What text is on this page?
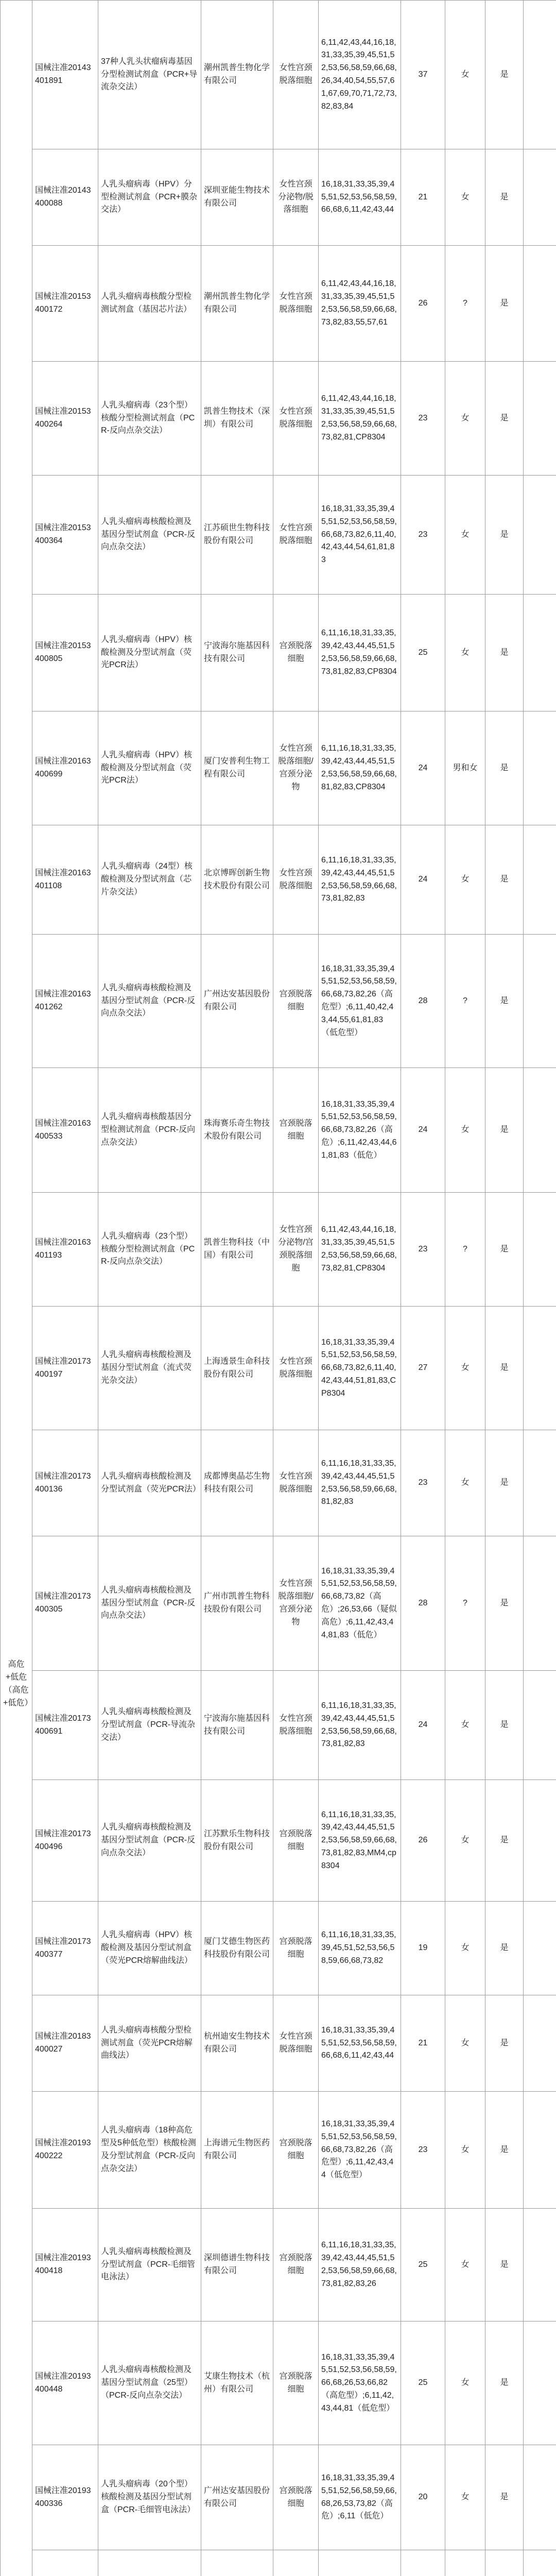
高危+低危（高危+低危）	国械注准20143401891	37种人乳头状瘤病毒基因分型检测试剂盒（PCR+导流杂交法）	潮州凯普生物化学有限公司	女性宫颈脱落细胞	6,11,42,43,44,16,18,31,33,35,39,45,51,52,53,56,58,59,66,68,26,34,40,54,55,57,61,67,69,70,71,72,73,82,83,84	37	女	是	
	国械注准20143400088	人乳头瘤病毒（HPV）分型检测试剂盒（PCR+膜杂交法）	深圳亚能生物技术有限公司	女性宫颈分泌物/脱落细胞	16,18,31,33,35,39,45,51,52,53,56,58,59,66,68,6,11,42,43,44	21	女	是	
	国械注准20153400172	人乳头瘤病毒核酸分型检测试剂盒（基因芯片法）	潮州凯普生物化学有限公司	女性宫颈脱落细胞	6,11,42,43,44,16,18,31,33,35,39,45,51,52,53,56,58,59,66,68,73,82,83,55,57,61	26	?	是	
	国械注准20153400264	人乳头瘤病毒（23个型）核酸分型检测试剂盒（PCR-反向点杂交法）	凯普生物技术（深圳）有限公司	女性宫颈脱落细胞	6,11,42,43,44,16,18,31,33,35,39,45,51,52,53,56,58,59,66,68,73,82,81,CP8304	23	女	是	
	国械注准20153400364	人乳头瘤病毒核酸检测及基因分型试剂盒（PCR-反向点杂交法）	江苏硕世生物科技股份有限公司	女性宫颈脱落细胞	16,18,31,33,35,39,45,51,52,53,56,58,59,66,68,73,82,6,11,40,42,43,44,54,61,81,83	23	女	是	
	国械注准20153400805	人乳头瘤病毒（HPV）核酸检测及分型试剂盒（荧光PCR法）	宁波海尔施基因科技有限公司	宫颈脱落细胞	6,11,16,18,31,33,35,39,42,43,44,45,51,52,53,56,58,59,66,68,73,81,82,83,CP8304	25	女	是	
	国械注准20163400699	人乳头瘤病毒（HPV）核酸检测及分型试剂盒（荧光PCR法）	厦门安普利生物工程有限公司	女性宫颈脱落细胞/宫颈分泌物	6,11,16,18,31,33,35,39,42,43,44,45,51,52,53,56,58,59,66,68,81,82,83,CP8304	24	男和女	是	
	国械注准20163401108	人乳头瘤病毒（24型）核酸检测及分型试剂盒（芯片杂交法）	北京博晖创新生物技术股份有限公司	女性宫颈脱落细胞	6,11,16,18,31,33,35,39,42,43,44,45,51,52,53,56,58,59,66,68,73,81,82,83	24	女	是	
	国械注准20163401262	人乳头瘤病毒核酸检测及基因分型试剂盒（PCR-反向点杂交法）	广州达安基因股份有限公司	宫颈脱落细胞	16,18,31,33,35,39,45,51,52,53,56,58,59,66,68,73,82,26（高危型）;6,11,40,42,43,44,55,61,81,83（低危型）	28	?	是	
	国械注准20163400533	人乳头瘤病毒核酸基因分型检测试剂盒（PCR-反向点杂交法）	珠海赛乐奇生物技术股份有限公司	宫颈脱落细胞	16,18,31,33,35,39,45,51,52,53,56,58,59,66,68,73,82,26（高危）;6,11,42,43,44,61,81,83（低危）	24	女	是	
	国械注准20163401193	人乳头瘤病毒（23个型）核酸分型检测试剂盒（PCR-反向点杂交法）	凯普生物科技（中国）有限公司	女性宫颈分泌物/宫颈脱落细胞	6,11,42,43,44,16,18,31,33,35,39,45,51,52,53,56,58,59,66,68,73,82,81,CP8304	23	?	是	
	国械注准20173400197	人乳头瘤病毒核酸检测及基因分型试剂盒（流式荧光杂交法）	上海透景生命科技股份有限公司	女性宫颈脱落细胞	16,18,31,33,35,39,45,51,52,53,56,58,59,66,68,73,82,6,11,40,42,43,44,51,81,83,CP8304	27	女	是	
	国械注准20173400136	人乳头瘤病毒核酸检测及分型试剂盒（荧光PCR法）	成都博奥晶芯生物科技有限公司	女性宫颈脱落细胞	6,11,16,18,31,33,35,39,42,43,44,45,51,52,53,56,58,59,66,68,81,82,83	23	女	是	
	国械注准20173400305	人乳头瘤病毒核酸检测及基因分型试剂盒（PCR-反向点杂交法）	广州市凯普生物科技股份有限公司	女性宫颈脱落细胞/宫颈分泌物	16,18,31,33,35,39,45,51,52,53,56,58,59,66,68,73,82（高危）;26,53,66（疑似高危）;6,11,42,43,44,81,83（低危）	28	?	是	
	国械注准20173400691	人乳头瘤病毒核酸检测及分型试剂盒（PCR-导流杂交法）	宁波海尔施基因科技有限公司	女性宫颈脱落细胞	6,11,16,18,31,33,35,39,42,43,44,45,51,52,53,56,58,59,66,68,73,81,82,83	24	女	是	
	国械注准20173400496	人乳头瘤病毒核酸检测及基因分型试剂盒（PCR-反向点杂交法）	江苏默乐生物科技股份有限公司	宫颈脱落细胞	6,11,16,18,31,33,35,39,42,43,44,45,51,52,53,56,58,59,66,68,73,81,82,83,MM4,cp8304	26	女	是	
	国械注准20173400377	人乳头瘤病毒（HPV）核酸检测及基因分型试剂盒（荧光PCR熔解曲线法）	厦门艾德生物医药科技股份有限公司	宫颈脱落细胞	6,11,16,18,31,33,35,39,45,51,52,53,56,58,59,66,68,73,82	19	女	是	
	国械注准20183400027	人乳头瘤病毒核酸分型检测试剂盒（荧光PCR熔解曲线法）	杭州迪安生物技术有限公司	女性宫颈脱落细胞	16,18,31,33,35,39,45,51,52,53,56,58,59,66,68,6,11,42,43,44	21	女	是	
	国械注准20193400222	人乳头瘤病毒（18种高危型及5种低危型）核酸检测及分型试剂盒（PCR-反向点杂交法）	上海谱元生物医药有限公司	宫颈脱落细胞	16,18,31,33,35,39,45,51,52,53,56,58,59,66,68,73,82,26（高危型）;6,11,42,43,44（低危型）	23	女	是	
	国械注准20193400418	人乳头瘤病毒核酸检测及分型试剂盒（PCR-毛细管电泳法）	深圳德谱生物科技有限公司	宫颈脱落细胞	6,11,16,18,31,33,35,39,42,43,44,45,51,52,53,56,58,59,66,68,73,81,82,83,26	25	女	是	
	国械注准20193400448	人乳头瘤病毒核酸检测及基因分型试剂盒（25型）（PCR-反向点杂交法）	艾康生物技术（杭州）有限公司	宫颈脱落细胞	16,18,31,33,35,39,45,51,52,53,56,58,59,66,68,26,53,66,82（高危型）;6,11,42,43,44,81（低危型）	25	女	是	
	国械注准20193400336	人乳头瘤病毒（20个型）核酸检测及基因分型试剂盒（PCR-毛细管电泳法）	广州达安基因股份有限公司	宫颈脱落细胞	16,18,31,33,35,39,45,51,52,56,58,59,66,68,26,53,73,82（高危）;6,11（低危）	20	女	是	
